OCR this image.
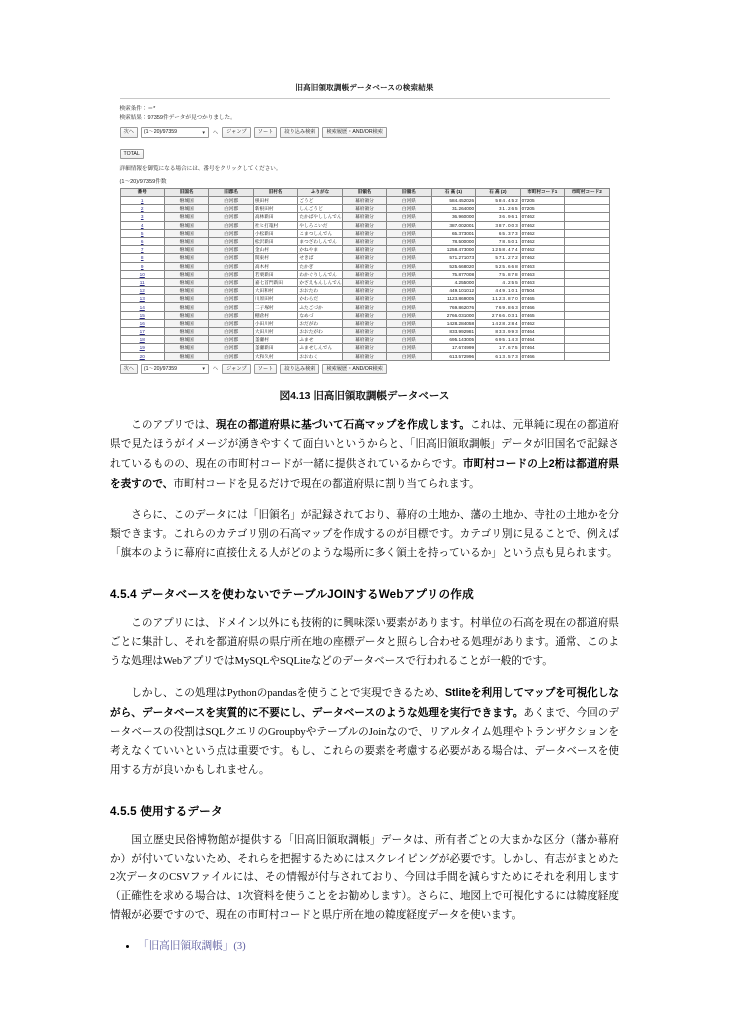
旧高旧領取調帳データベースの検索結果
検索条件：＝*
検索結果：97359件データが見つかりました。
次へ	(1～20)/97359	▼ へ	ジャンプ	ソート	絞り込み検索	検索履歴・AND/OR検索
TOTAL
詳細情報を御覧になる場合には、番号をクリックしてください。
(1～20)/97359件数
番号	旧国名	旧郡名	旧村名	ふりがな	旧領名	旧領名	石 高 (1)	石 高 (2)	市町村コード1	市町村コード2
1	磐城国	白河郡	根田村	ごうど	幕府領分	白河県	584.452026	584.452	07205	
2	磐城国	白河郡	新根田村	しんごうど	幕府領分	白河県	31.264000	31.265	07205	
3	磐城国	白河郡	高林新田	たかばやししんでん	幕府領分	白河県	36.960000	36.961	07462	
4	磐城国	白河郡	社ヒ打篭村	やしろこいだ	幕府領分	白河県	387.002001	387.003	07462	
5	磐城国	白河郡	小松新田	こまつしんでん	幕府領分	白河県	65.373001	65.373	07462	
6	磐城国	白河郡	松沢新田	まつざわしんでん	幕府領分	白河県	78.500000	78.501	07462	
7	磐城国	白河郡	金山村	かねやま	幕府領分	白河県	1258.473000	1258.474	07462	
8	磐城国	白河郡	関東村	せきば	幕府領分	白河県	571.271073	571.272	07462	
9	磐城国	白河郡	高木村	たかぎ	幕府領分	白河県	525.668020	525.668	07463	
10	磐城国	白河郡	若栗新田	わかぐりしんでん	幕府領分	白河県	75.877008	75.878	07463	
11	磐城国	白河郡	嘉七首門新田	かざえもんしんでん	幕府領分	白河県	4.255000	4.255	07463	
12	磐城国	白河郡	大田和村	おおたわ	幕府領分	白河県	449.101012	449.101	07504	
13	磐城国	白河郡	川原田村	かわらだ	幕府領分	白河県	1123.869005	1123.870	07465	
14	磐城国	白河郡	二子塚村	ふたごづか	幕府領分	白河県	769.862076	769.863	07466	
15	磐城国	白河郡	棚倉村	なめづ	幕府領分	白河県	2766.031000	2766.031	07465	
16	磐城国	白河郡	小田川村	おだがわ	幕府領分	白河県	1428.284058	1428.284	07462	
17	磐城国	白河郡	大田川村	おおたがわ	幕府領分	白河県	833.992981	833.993	07464	
18	磐城国	白河郡	釜瀬村	ふませ	幕府領分	白河県	695.143005	695.143	07464	
19	磐城国	白河郡	釜瀬新田	ふませしんでん	幕府領分	白河県	17.674999	17.675	07464	
20	磐城国	白河郡	大和久村	おおわく	幕府領分	白河県	613.572996	613.573	07466	
次へ	(1～20)/97359	▼ へ	ジャンプ	ソート	絞り込み検索	検索履歴・AND/OR検索
図4.13 旧高旧領取調帳データベース

　このアプリでは、現在の都道府県に基づいて石高マップを作成します。これは、元単純に現在の都道府県で見たほうがイメージが湧きやすくて面白いというからと、「旧高旧領取調帳」データが旧国名で記録されているものの、現在の市町村コードが一緒に提供されているからです。市町村コードの上2桁は都道府県を表すので、市町村コードを見るだけで現在の都道府県に割り当てられます。

　さらに、このデータには「旧領名」が記録されており、幕府の土地か、藩の土地か、寺社の土地かを分類できます。これらのカテゴリ別の石高マップを作成するのが目標です。カテゴリ別に見ることで、例えば「旗本のように幕府に直接仕える人がどのような場所に多く領土を持っているか」という点も見られます。

4.5.4 データベースを使わないでテーブルJOINするWebアプリの作成

　このアプリには、ドメイン以外にも技術的に興味深い要素があります。村単位の石高を現在の都道府県ごとに集計し、それを都道府県の県庁所在地の座標データと照らし合わせる処理があります。通常、このような処理はWebアプリではMySQLやSQLiteなどのデータベースで行われることが一般的です。

　しかし、この処理はPythonのpandasを使うことで実現できるため、Stliteを利用してマップを可視化しながら、データベースを実質的に不要にし、データベースのような処理を実行できます。あくまで、今回のデータベースの役割はSQLクエリのGroupbyやテーブルのJoinなので、リアルタイム処理やトランザクションを考えなくていいという点は重要です。もし、これらの要素を考慮する必要がある場合は、データベースを使用する方が良いかもしれません。

4.5.5 使用するデータ

　国立歴史民俗博物館が提供する「旧高旧領取調帳」データは、所有者ごとの大まかな区分（藩か幕府か）が付いていないため、それらを把握するためにはスクレイピングが必要です。しかし、有志がまとめた2次データのCSVファイルには、その情報が付与されており、今回は手間を減らすためにそれを利用します（正確性を求める場合は、1次資料を使うことをお勧めします）。さらに、地図上で可視化するには緯度経度情報が必要ですので、現在の市町村コードと県庁所在地の緯度経度データを使います。

• 「旧高旧領取調帳」(3)
